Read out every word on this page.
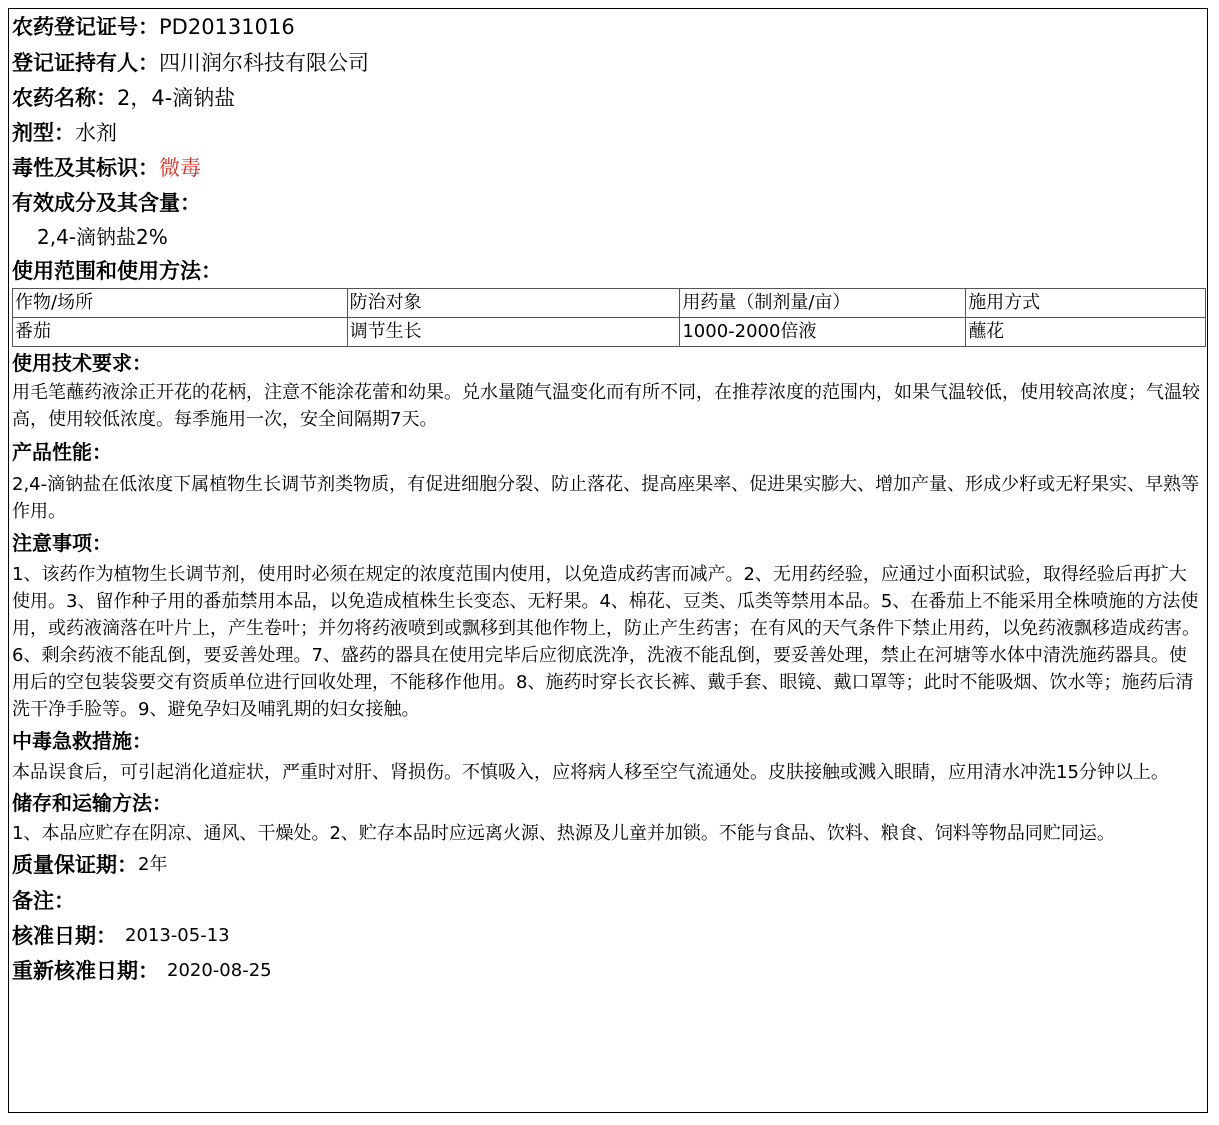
农药登记证号： PD20131016
登记证持有人： 四川润尔科技有限公司
农药名称： 2，4-滴钠盐
剂型： 水剂
毒性及其标识： 微毒
有效成分及其含量：
2,4-滴钠盐2%
使用范围和使用方法：
作物/场所	防治对象	用药量（制剂量/亩）	施用方式
番茄	调节生长	1000-2000倍液	蘸花
使用技术要求：

用毛笔蘸药液涂正开花的花柄，注意不能涂花蕾和幼果。兑水量随气温变化而有所不同，在推荐浓度的范围内，如果气温较低，使用较高浓度；气温较高，使用较低浓度。每季施用一次，安全间隔期7天。

产品性能：

2,4-滴钠盐在低浓度下属植物生长调节剂类物质，有促进细胞分裂、防止落花、提高座果率、促进果实膨大、增加产量、形成少籽或无籽果实、早熟等作用。

注意事项：

1、该药作为植物生长调节剂，使用时必须在规定的浓度范围内使用，以免造成药害而减产。2、无用药经验，应通过小面积试验，取得经验后再扩大使用。3、留作种子用的番茄禁用本品，以免造成植株生长变态、无籽果。4、棉花、豆类、瓜类等禁用本品。5、在番茄上不能采用全株喷施的方法使用，或药液滴落在叶片上，产生卷叶；并勿将药液喷到或飘移到其他作物上，防止产生药害；在有风的天气条件下禁止用药，以免药液飘移造成药害。6、剩余药液不能乱倒，要妥善处理。7、盛药的器具在使用完毕后应彻底洗净，洗液不能乱倒，要妥善处理，禁止在河塘等水体中清洗施药器具。使用后的空包装袋要交有资质单位进行回收处理，不能移作他用。8、施药时穿长衣长裤、戴手套、眼镜、戴口罩等；此时不能吸烟、饮水等；施药后清洗干净手脸等。9、避免孕妇及哺乳期的妇女接触。

中毒急救措施：

本品误食后，可引起消化道症状，严重时对肝、肾损伤。不慎吸入，应将病人移至空气流通处。皮肤接触或溅入眼睛，应用清水冲洗15分钟以上。

储存和运输方法：

1、本品应贮存在阴凉、通风、干燥处。2、贮存本品时应远离火源、热源及儿童并加锁。不能与食品、饮料、粮食、饲料等物品同贮同运。

质量保证期： 2年
备注：
核准日期： 2013-05-13
重新核准日期： 2020-08-25
